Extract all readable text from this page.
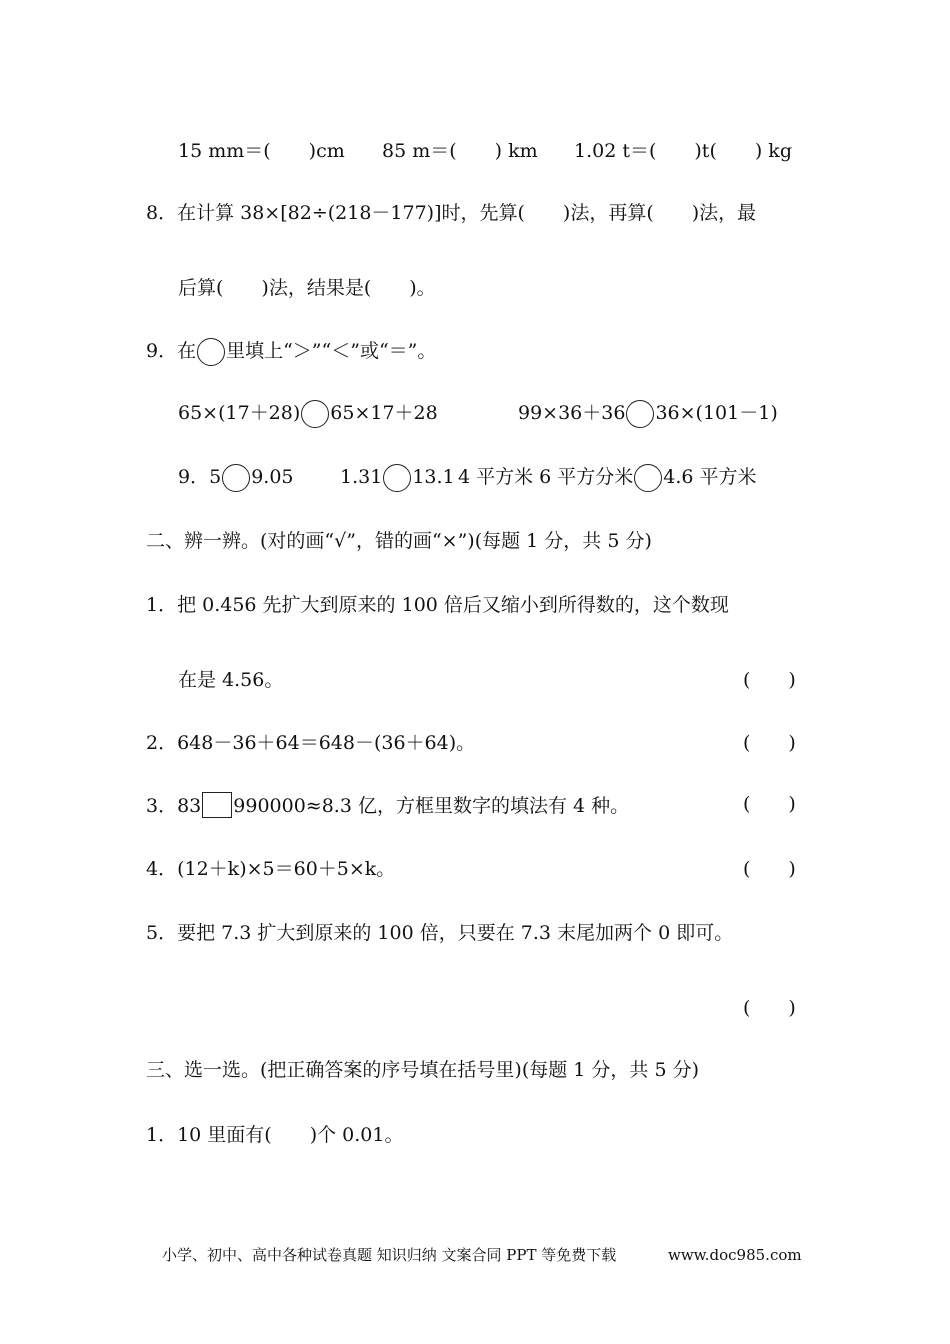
15 mm＝(　　)cm 85 m＝(　　) km 1.02 t＝(　　)t(　　) kg
8．在计算 38×[82÷(218－177)]时，先算(　　)法，再算(　　)法，最
后算(　　)法，结果是(　　)。
9．在 里填上“＞”“＜”或“＝”。
65×(17＋28) 65×17＋28	99×36＋36 36×(101－1)
9．5 9.05 1.31 13.1 4 平方米 6 平方分米 4.6 平方米
二、辨一辨。(对的画“√”，错的画“×”)(每题 1 分，共 5 分)
1．把 0.456 先扩大到原来的 100 倍后又缩小到所得数的，这个数现
在是 4.56。	(　　)
2．648－36＋64＝648－(36＋64)。	(　　)
3．83 990000≈8.3 亿，方框里数字的填法有 4 种。	(　　)
4．(12＋k)×5＝60＋5×k。	(　　)
5．要把 7.3 扩大到原来的 100 倍，只要在 7.3 末尾加两个 0 即可。
(　　)
三、选一选。(把正确答案的序号填在括号里)(每题 1 分，共 5 分)
1．10 里面有(　　)个 0.01。
小学、初中、高中各种试卷真题 知识归纳 文案合同 PPT 等免费下载	www.doc985.com
